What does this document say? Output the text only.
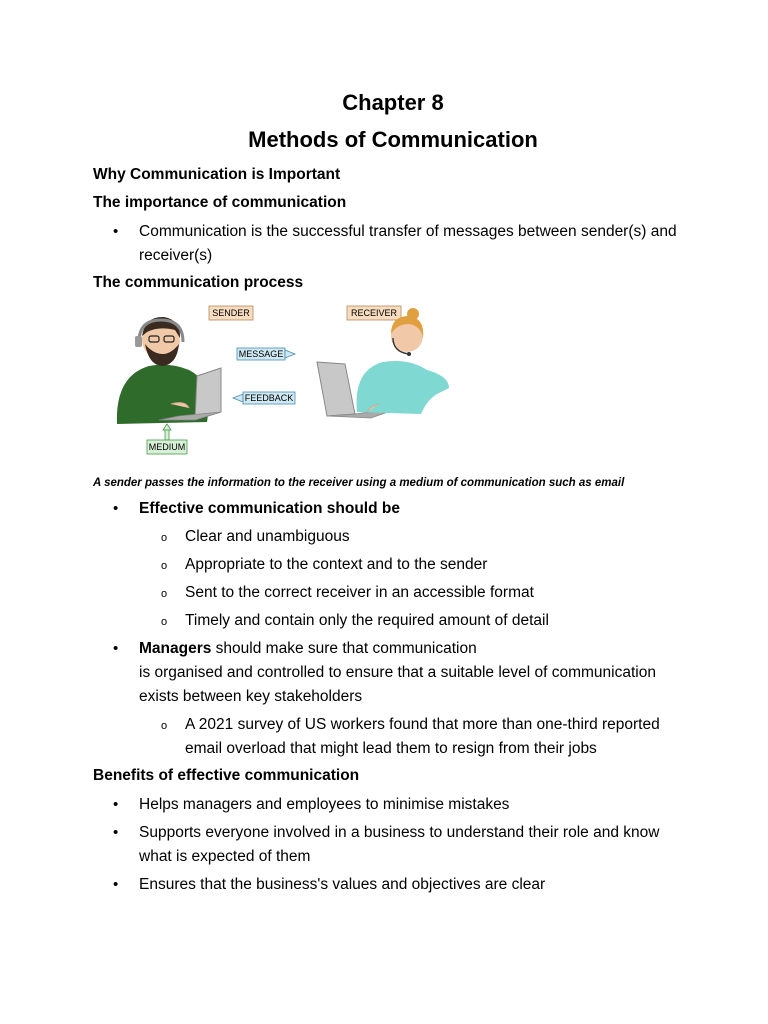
Chapter 8
Methods of Communication
Why Communication is Important
The importance of communication
• Communication is the successful transfer of messages between sender(s) and receiver(s)
The communication process
SENDER	RECEIVER
MESSAGE
FEEDBACK
MEDIUM
A sender passes the information to the receiver using a medium of communication such as email
• Effective communication should be
o Clear and unambiguous
o Appropriate to the context and to the sender
o Sent to the correct receiver in an accessible format
o Timely and contain only the required amount of detail
• Managers should make sure that communication
is organised and controlled to ensure that a suitable level of communication exists between key stakeholders
o A 2021 survey of US workers found that more than one-third reported email overload that might lead them to resign from their jobs
Benefits of effective communication
• Helps managers and employees to minimise mistakes
• Supports everyone involved in a business to understand their role and know what is expected of them
• Ensures that the business's values and objectives are clear
